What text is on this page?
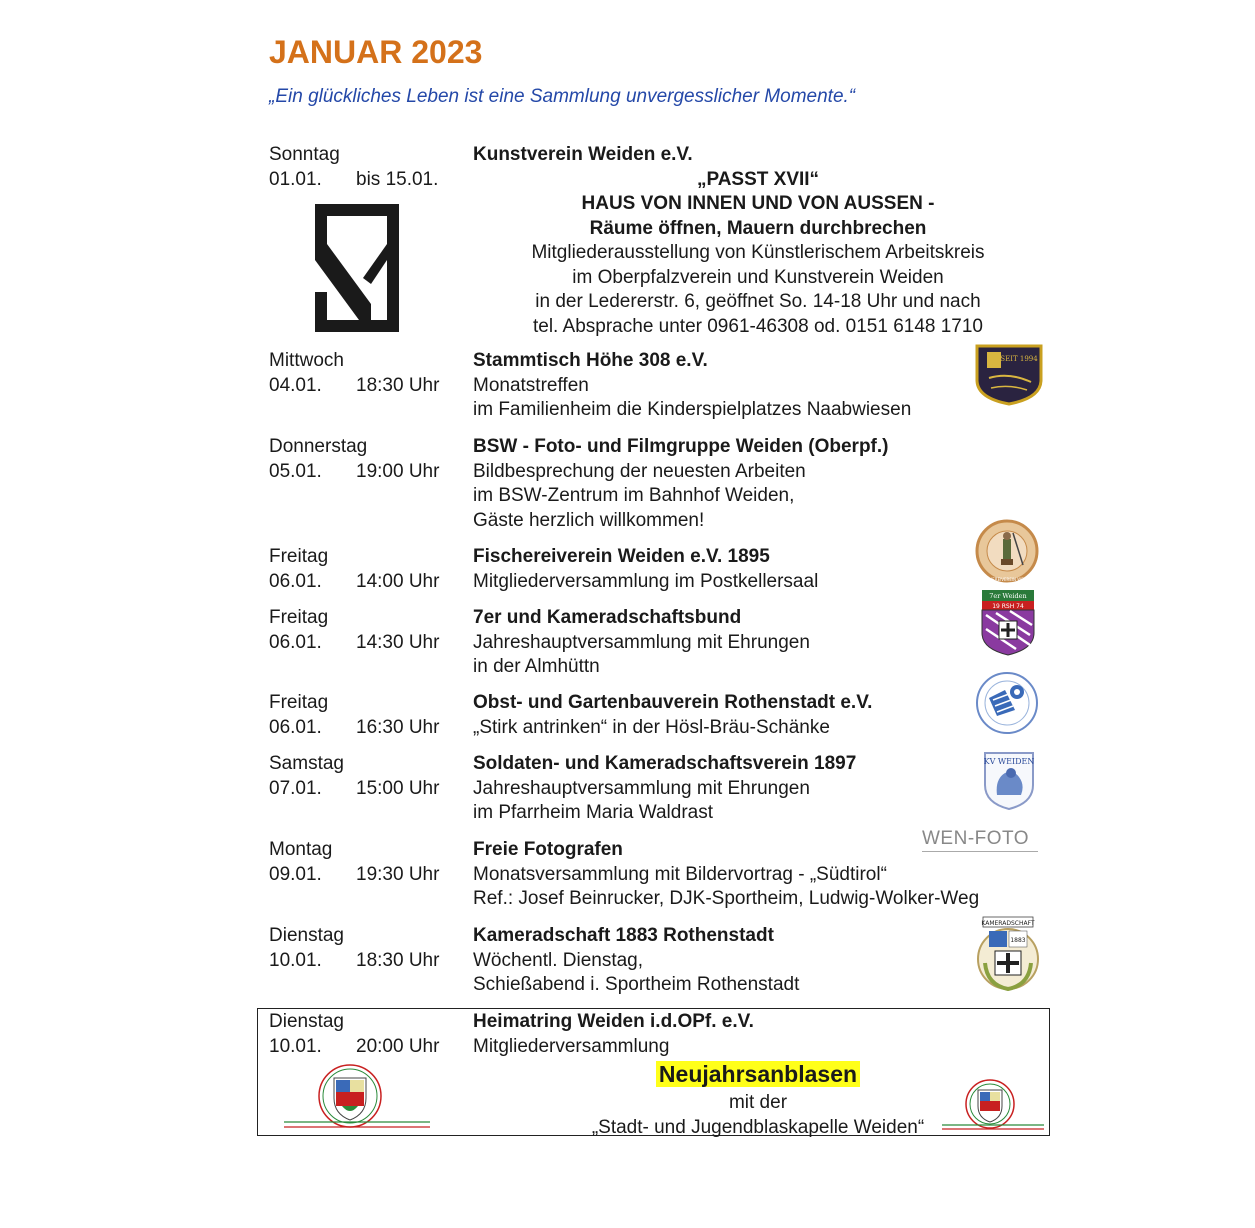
JANUAR 2023
„Ein glückliches Leben ist eine Sammlung unvergesslicher Momente.“
Sonntag
01.01. bis 15.01.
Kunstverein Weiden e.V.
„PASST XVII“
HAUS VON INNEN UND VON AUSSEN -
Räume öffnen, Mauern durchbrechen
Mitgliederausstellung von Künstlerischem Arbeitskreis
im Oberpfalzverein und Kunstverein Weiden
in der Ledererstr. 6, geöffnet So. 14-18 Uhr und nach
tel. Absprache unter 0961-46308 od. 0151 6148 1710
Mittwoch
04.01. 18:30 Uhr
Stammtisch Höhe 308 e.V.
Monatstreffen
im Familienheim die Kinderspielplatzes Naabwiesen
SEIT 1994
Donnerstag
05.01. 19:00 Uhr
BSW - Foto- und Filmgruppe Weiden (Oberpf.)
Bildbesprechung der neuesten Arbeiten
im BSW-Zentrum im Bahnhof Weiden,
Gäste herzlich willkommen!
Freitag
06.01. 14:00 Uhr
Fischereiverein Weiden e.V. 1895
Mitgliederversammlung im Postkellersaal	FISCHEREIVEREIN WEIDEN
Freitag
06.01. 14:30 Uhr
7er und Kameradschaftsbund
Jahreshauptversammlung mit Ehrungen
in der Almhüttn
7er Weiden
19 RSH 74
Freitag
06.01. 16:30 Uhr
Obst- und Gartenbauverein Rothenstadt e.V.
„Stirk antrinken“ in der Hösl-Bräu-Schänke
Samstag
07.01. 15:00 Uhr
Soldaten- und Kameradschaftsverein 1897
Jahreshauptversammlung mit Ehrungen
im Pfarrheim Maria Waldrast
KV WEIDEN
Montag
09.01. 19:30 Uhr
Freie Fotografen
Monatsversammlung mit Bildervortrag - „Südtirol“
Ref.: Josef Beinrucker, DJK-Sportheim, Ludwig-Wolker-Weg
WEN-FOTO
Dienstag
10.01. 18:30 Uhr
Kameradschaft 1883 Rothenstadt
Wöchentl. Dienstag,
Schießabend i. Sportheim Rothenstadt
KAMERADSCHAFT
1883
Dienstag
10.01. 20:00 Uhr
Heimatring Weiden i.d.OPf. e.V.
Mitgliederversammlung
Neujahrsanblasen
mit der
„Stadt- und Jugendblaskapelle Weiden“
